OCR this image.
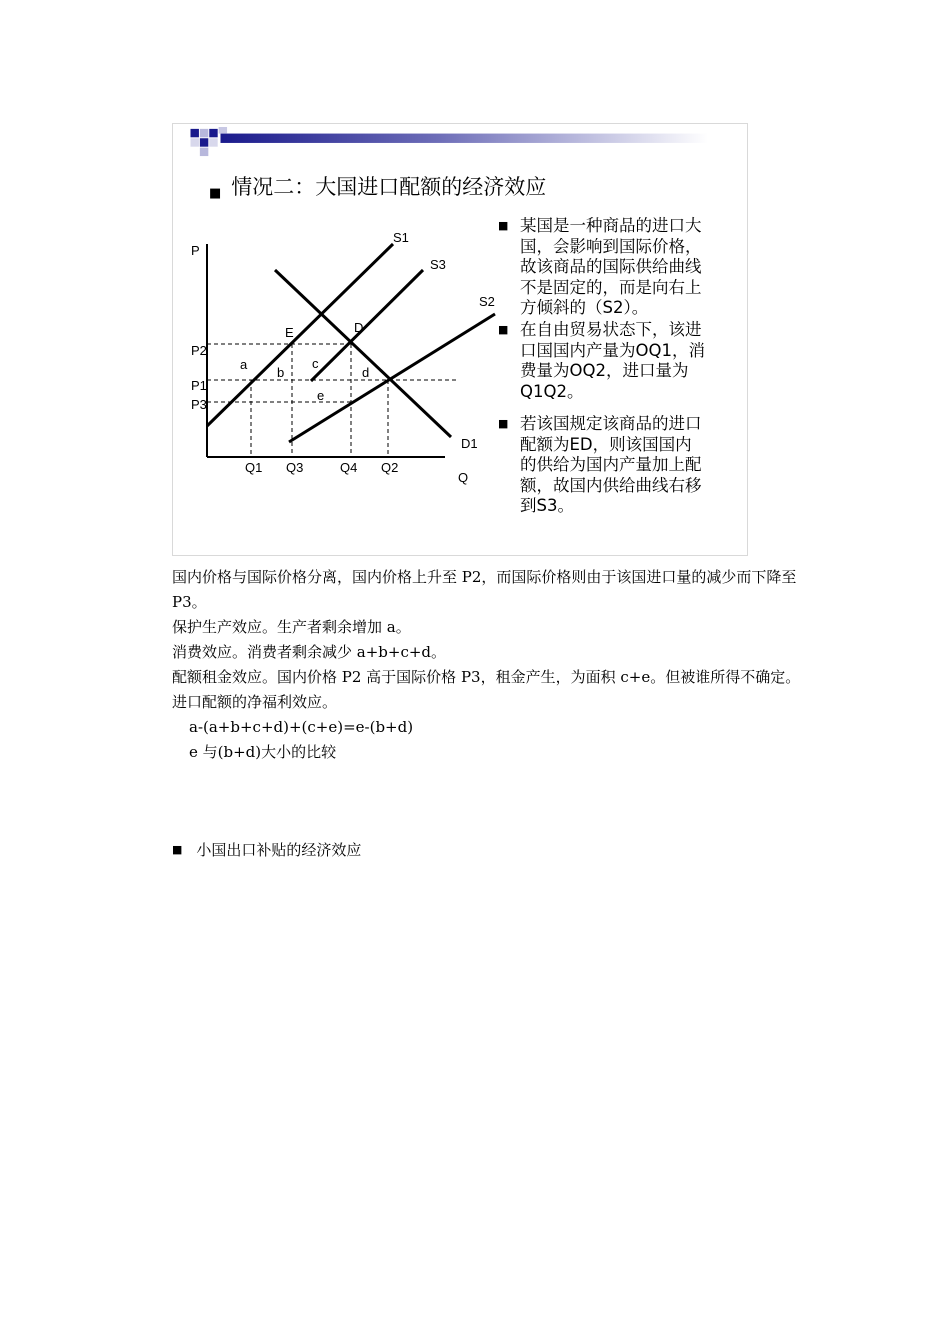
■ 情况二：大国进口配额的经济效应
P
Q
P2
P1
P3
Q1 Q3	Q4 Q2
S1
S3
S2
D1
E	D
a
b
c
d
e
■ 某国是一种商品的进口大
国，会影响到国际价格，
故该商品的国际供给曲线
不是固定的，而是向右上
方倾斜的（S2）。
■ 在自由贸易状态下，该进
口国国内产量为OQ1，消
费量为OQ2，进口量为
Q1Q2。
■ 若该国规定该商品的进口
配额为ED，则该国国内
的供给为国内产量加上配
额，故国内供给曲线右移
到S3。

国内价格与国际价格分离，国内价格上升至 P2，而国际价格则由于该国进口量的减少而下降至 P3。

保护生产效应。生产者剩余增加 a。

消费效应。消费者剩余减少 a+b+c+d。

配额租金效应。国内价格 P2 高于国际价格 P3，租金产生，为面积 c+e。但被谁所得不确定。

进口配额的净福利效应。

a-(a+b+c+d)+(c+e)=e-(b+d)

e 与(b+d)大小的比较

■ 小国出口补贴的经济效应
